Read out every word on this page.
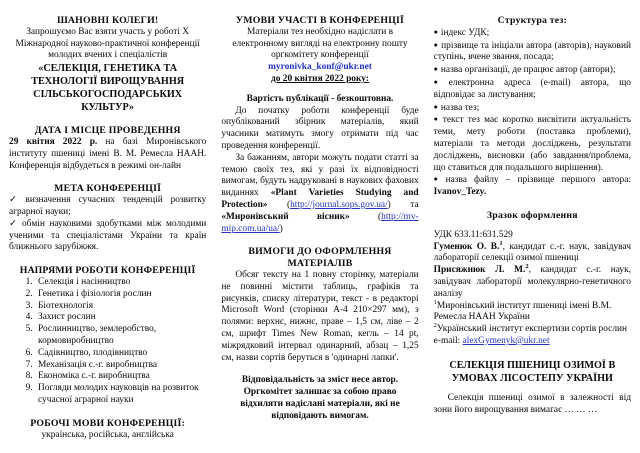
ШАНОВНІ КОЛЕГИ!
Запрошуємо Вас взяти участь у роботі Х Міжнародної науково-практичної конференції молодих вчених і спеціалістів
«СЕЛЕКЦІЯ, ГЕНЕТИКА ТА ТЕХНОЛОГІЇ ВИРОЩУВАННЯ СІЛЬСЬКОГОСПОДАРСЬКИХ КУЛЬТУР»
ДАТА І МІСЦЕ ПРОВЕДЕННЯ
29 квітня 2022 р. на базі Миронівського інституту пшениці імені В. М. Ремесла НААН. Конференція відбудеться в режимі он-лайн
МЕТА КОНФЕРЕНЦІЇ
✓ визначення сучасних тенденцій розвитку аграрної науки;
✓ обмін науковими здобутками між молодими ученими та спеціалістами України та країн ближнього зарубіжжя.
НАПРЯМИ РОБОТИ КОНФЕРЕНЦІЇ
1. Селекція і насінництво
2. Генетика і фізіологія рослин
3. Біотехнологія
4. Захист рослин
5. Рослинництво, землеробство, кормовиробництво
6. Садівництво, плодівництво
7. Механізація с.-г. виробництва
8. Економіка с.-г. виробництва
9. Погляди молодих науковців на розвиток сучасної аграрної науки
РОБОЧІ МОВИ КОНФЕРЕНЦІЇ:
українська, російська, англійська
УМОВИ УЧАСТІ В КОНФЕРЕНЦІЇ
Матеріали тез необхідно надіслати в електронному вигляді на електронну пошту оргкомітету конференції
myronivka_konf@ukr.net
до 20 квітня 2022 року:
Вартість публікації - безкоштовна.
До початку роботи конференції буде опублікований збірник матеріалів, який учасники матимуть змогу отримати під час проведення конференції.
За бажанням, автори можуть подати статті за темою своїх тез, які у разі їх відповідності вимогам, будуть надруковані в наукових фахових виданнях «Plant Varieties Studying and Protection» (http://journal.sops.gov.ua/) та «Миронівський вісник» (http://mv-mip.com.ua/ua/)
ВИМОГИ ДО ОФОРМЛЕННЯ МАТЕРІАЛІВ
Обсяг тексту на 1 повну сторінку, матеріали не повинні містити таблиць, графіків та рисунків, списку літератури, текст - в редакторі Microsoft Word (сторінки А-4 210×297 мм), з полями: верхнє, нижнє, праве – 1,5 см, ліве – 2 см, шрифт Times New Roman, кегль – 14 pt, міжрядковий інтервал одинарний, абзац – 1,25 см, назви сортів беруться в 'одинарні лапки'.
Відповідальність за зміст несе автор. Оргкомітет залишає за собою право відхиляти надіслані матеріали, які не відповідають вимогам.
Структура тез:
● індекс УДК;
● прізвище та ініціали автора (авторів), науковий ступінь, вчене звання, посада;
● назва організації, де працює автор (автори);
● електронна адреса (e-mail) автора, що відповідає за листування;
● назва тез;
● текст тез має коротко висвітити актуальність теми, мету роботи (поставка проблеми), матеріали та методи досліджень, результати досліджень, висновки (або завдання/проблема, що ставиться для подальшого вирішення).
● назва файлу – прізвище першого автора: Ivanov_Tezy.
Зразок оформлення
УДК 633.11:631.529
Гуменюк О. В.$^1$, кандидат с.-г. наук, завідувач лабораторії селекції озимої пшениці
Присяжнюк Л. М.$^2$, кандидат с.-г. наук, завідувач лабораторії молекулярно-генетичного аналізу
$^1$Миронівський інститут пшениці імені В.М. Ремесла НААН України
$^2$Український інститут експертизи сортів рослин
e-mail: alexGymenyk@ukr.net
СЕЛЕКЦІЯ ПШЕНИЦІ ОЗИМОЇ В УМОВАХ ЛІСОСТЕПУ УКРАЇНИ
Селекція пшениці озимої в залежності від зони його вирощування вимагає … … …
